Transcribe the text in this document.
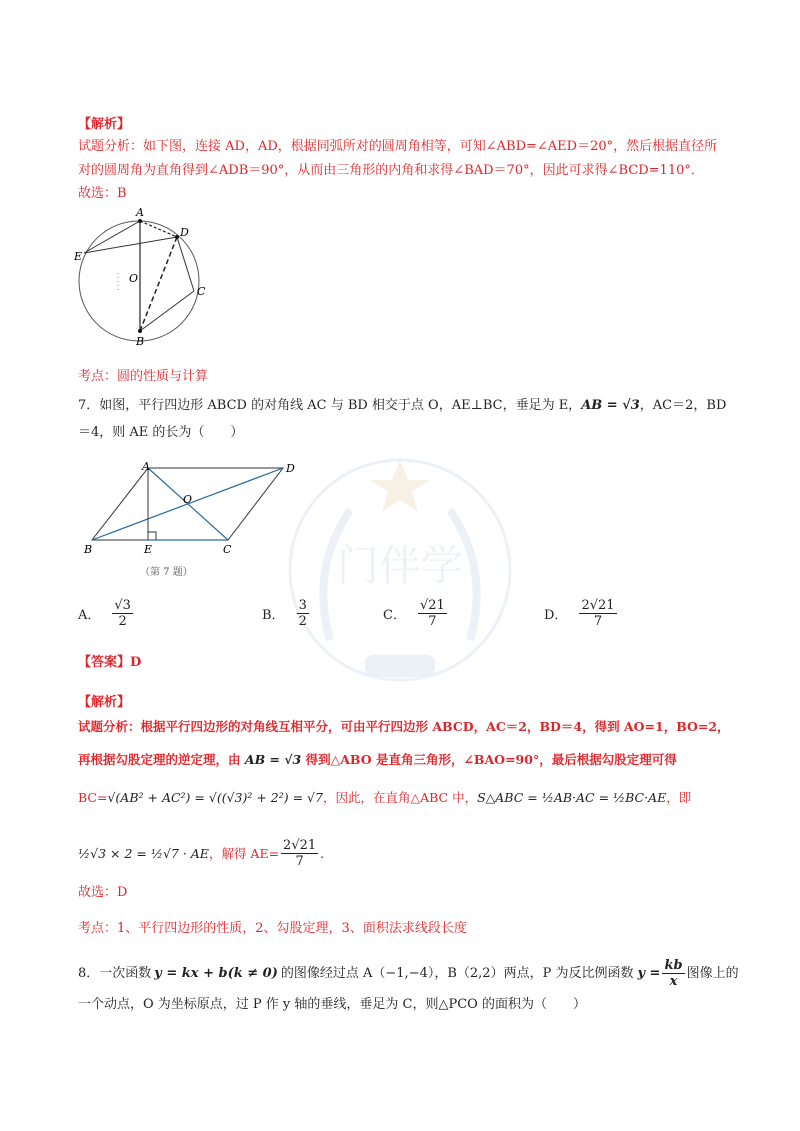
门伴学
【解析】
试题分析：如下图，连接 AD，AD，根据同弧所对的圆周角相等，可知∠ABD=∠AED＝20°，然后根据直径所
对的圆周角为直角得到∠ADB＝90°，从而由三角形的内角和求得∠BAD＝70°，因此可求得∠BCD=110°．
故选：B
A
D
E
O
C
B
考点：圆的性质与计算
7．如图，平行四边形 ABCD 的对角线 AC 与 BD 相交于点 O，AE⊥BC，垂足为 E，AB = √3，AC＝2，BD
＝4，则 AE 的长为（　　）
A	D
O
B	E	C
（第 7 题）
A． $\frac{√3}{2}$	B． $\frac{3}{2}$	C． $\frac{√21}{7}$	D． $\frac{2√21}{7}$
【答案】D
【解析】
试题分析：根据平行四边形的对角线互相平分，可由平行四边形 ABCD，AC＝2，BD＝4，得到 AO=1，BO=2，
再根据勾股定理的逆定理，由 AB = √3 得到△ABO 是直角三角形，∠BAO=90°，最后根据勾股定理可得
BC=√(AB² + AC²) = √((√3)² + 2²) = √7，因此，在直角△ABC 中，S△ABC = ½AB·AC = ½BC·AE，即
½√3 × 2 = ½√7 · AE ，解得 $AE= \frac{2√21}{7}$ .
故选：D
考点：1、平行四边形的性质，2、勾股定理，3、面积法求线段长度
8．一次函数 y = kx + b(k ≠ 0) 的图像经过点 A（−1,−4），B（2,2）两点，P 为反比例函数 $y = \frac{kb}{x}$ 图像上的
一个动点，O 为坐标原点，过 P 作 y 轴的垂线，垂足为 C，则△PCO 的面积为（　　）
